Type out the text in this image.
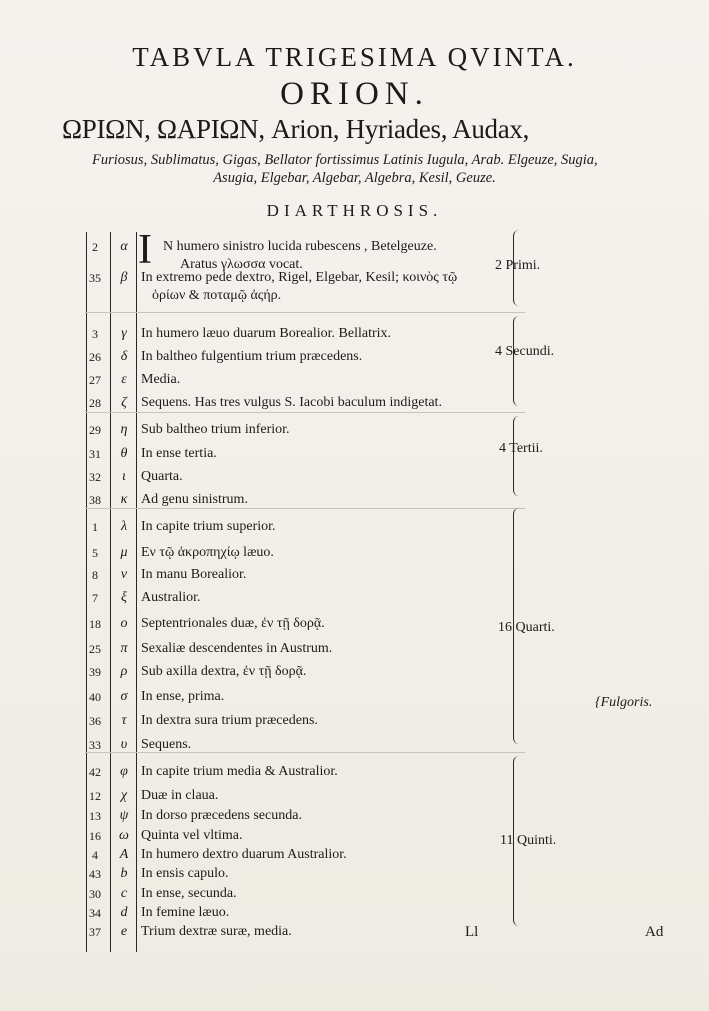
TABVLA TRIGESIMA QVINTA.
ORION.
ΩΡΙΩΝ, ΩΑΡΙΩΝ, Arion, Hyriades, Audax,
Furiosus, Sublimatus, Gigas, Bellator fortissimus Latinis Iugula, Arab. Elgeuze, Sugia,
Asugia, Elgebar, Algebar, Algebra, Kesil, Geuze.
DIARTHROSIS.
I
2	α	N humero sinistro lucida rubescens , Betelgeuze.
Aratus γλωσσα vocat.
35	β In extremo pede dextro, Rigel, Elgebar, Kesil; κοινὸς τῷ
ὁρίων & ποταμῷ ἀςήρ.
3	γ	In humero læuo duarum Borealior. Bellatrix.
26	δ In baltheo fulgentium trium præcedens.
27	ε	Media.
28	ζ	Sequens. Has tres vulgus S. Iacobi baculum indigetat.
29	η Sub baltheo trium inferior.
31	θ In ense tertia.
32	ι	Quarta.
38	κ Ad genu sinistrum.
1	λ In capite trium superior.
5	μ Εν τῷ ἀκροπηχίῳ læuo.
8	ν In manu Borealior.
7	ξ	Australior.
18	ο Septentrionales duæ, ἐν τῇ δορᾷ.
25	π Sexaliæ descendentes in Austrum.
39	ρ Sub axilla dextra, ἐν τῇ δορᾷ.
40	σ In ense, prima.
36	τ	In dextra sura trium præcedens.
33	υ Sequens.
42	φ In capite trium media & Australior.
12	χ Duæ in claua.
13	ψ In dorso præcedens secunda.
16	ω Quinta vel vltima.
4	A In humero dextro duarum Australior.
43	b In ensis capulo.
30	c In ense, secunda.
34	d In femine læuo.
37	e Trium dextræ suræ, media.
2 Primi.
4 Secundi.
4 Tertii.
16 Quarti.
11 Quinti.
{Fulgoris.
Ll	Ad
